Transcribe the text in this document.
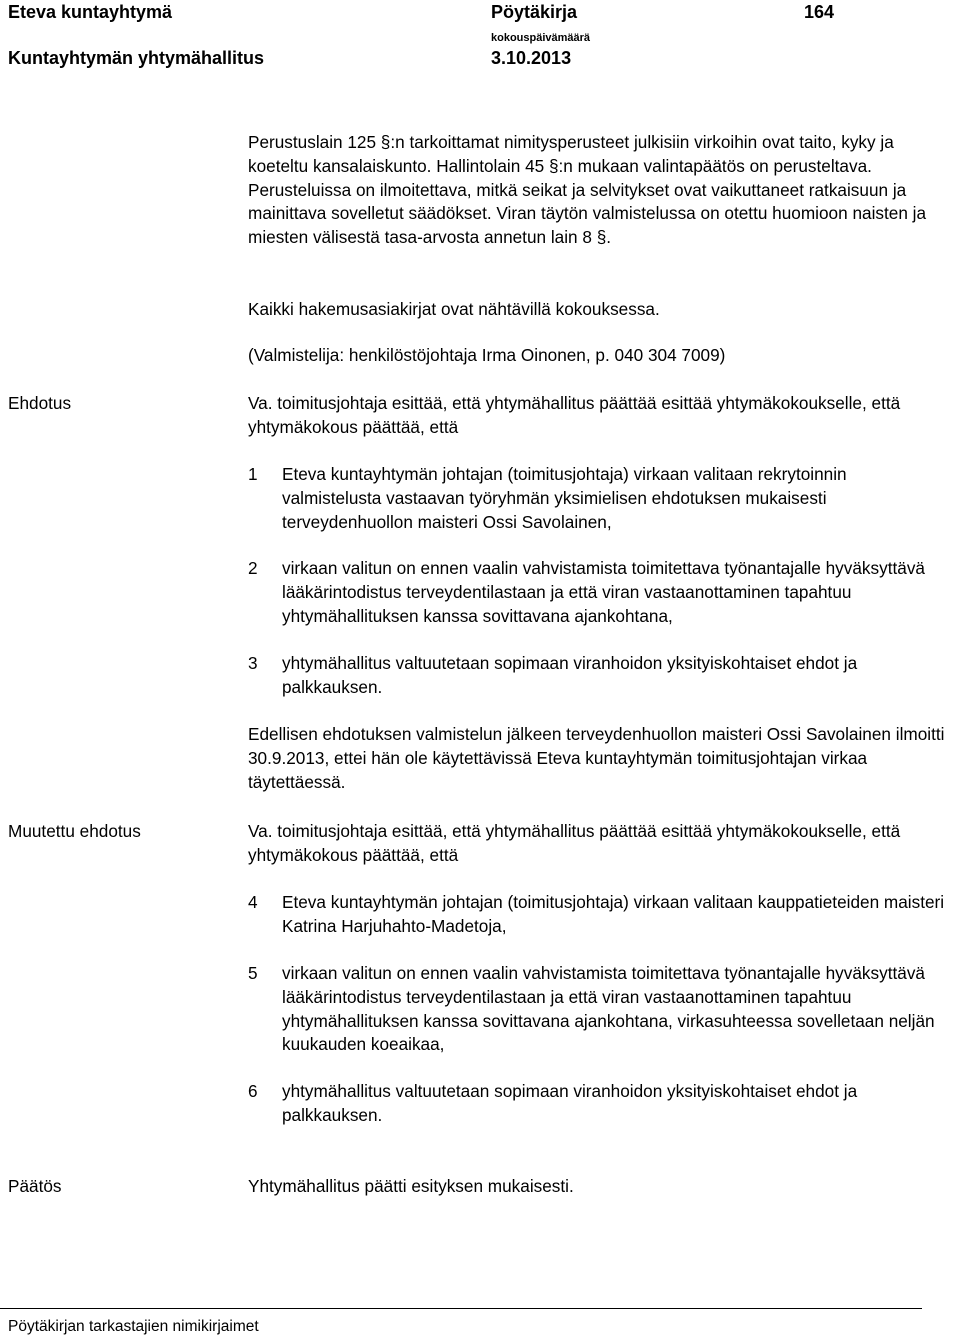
Eteva kuntayhtymä	Pöytäkirja	164
Kuntayhtymän yhtymähallitus
kokouspäivämäärä
3.10.2013

Perustuslain 125 §:n tarkoittamat nimitysperusteet julkisiin virkoihin ovat taito, kyky ja koeteltu kansalaiskunto. Hallintolain 45 §:n mukaan valintapäätös on perusteltava. Perusteluissa on ilmoitettava, mitkä seikat ja selvitykset ovat vaikuttaneet ratkaisuun ja mainittava sovelletut säädökset. Viran täytön valmistelussa on otettu huomioon naisten ja miesten välisestä tasa-arvosta annetun lain 8 §.

Kaikki hakemusasiakirjat ovat nähtävillä kokouksessa.

(Valmistelija: henkilöstöjohtaja Irma Oinonen, p. 040 304 7009)

Ehdotus	Va. toimitusjohtaja esittää, että yhtymähallitus päättää esittää yhtymäkokoukselle, että yhtymäkokous päättää, että

1 Eteva kuntayhtymän johtajan (toimitusjohtaja) virkaan valitaan rekrytoinnin valmistelusta vastaavan työryhmän yksimielisen ehdotuksen mukaisesti terveydenhuollon maisteri Ossi Savolainen,
2 virkaan valitun on ennen vaalin vahvistamista toimitettava työnantajalle hyväksyttävä lääkärintodistus terveydentilastaan ja että viran vastaanottaminen tapahtuu yhtymähallituksen kanssa sovittavana ajankohtana,
3 yhtymähallitus valtuutetaan sopimaan viranhoidon yksityiskohtaiset ehdot ja palkkauksen.

Edellisen ehdotuksen valmistelun jälkeen terveydenhuollon maisteri Ossi Savolainen ilmoitti 30.9.2013, ettei hän ole käytettävissä Eteva kuntayhtymän toimitusjohtajan virkaa täytettäessä.

Muutettu ehdotus	Va. toimitusjohtaja esittää, että yhtymähallitus päättää esittää yhtymäkokoukselle, että yhtymäkokous päättää, että

4 Eteva kuntayhtymän johtajan (toimitusjohtaja) virkaan valitaan kauppatieteiden maisteri Katrina Harjuhahto-Madetoja,
5 virkaan valitun on ennen vaalin vahvistamista toimitettava työnantajalle hyväksyttävä lääkärintodistus terveydentilastaan ja että viran vastaanottaminen tapahtuu yhtymähallituksen kanssa sovittavana ajankohtana, virkasuhteessa sovelletaan neljän kuukauden koeaikaa,
6 yhtymähallitus valtuutetaan sopimaan viranhoidon yksityiskohtaiset ehdot ja palkkauksen.
Päätös	Yhtymähallitus päätti esityksen mukaisesti.

Pöytäkirjan tarkastajien nimikirjaimet
